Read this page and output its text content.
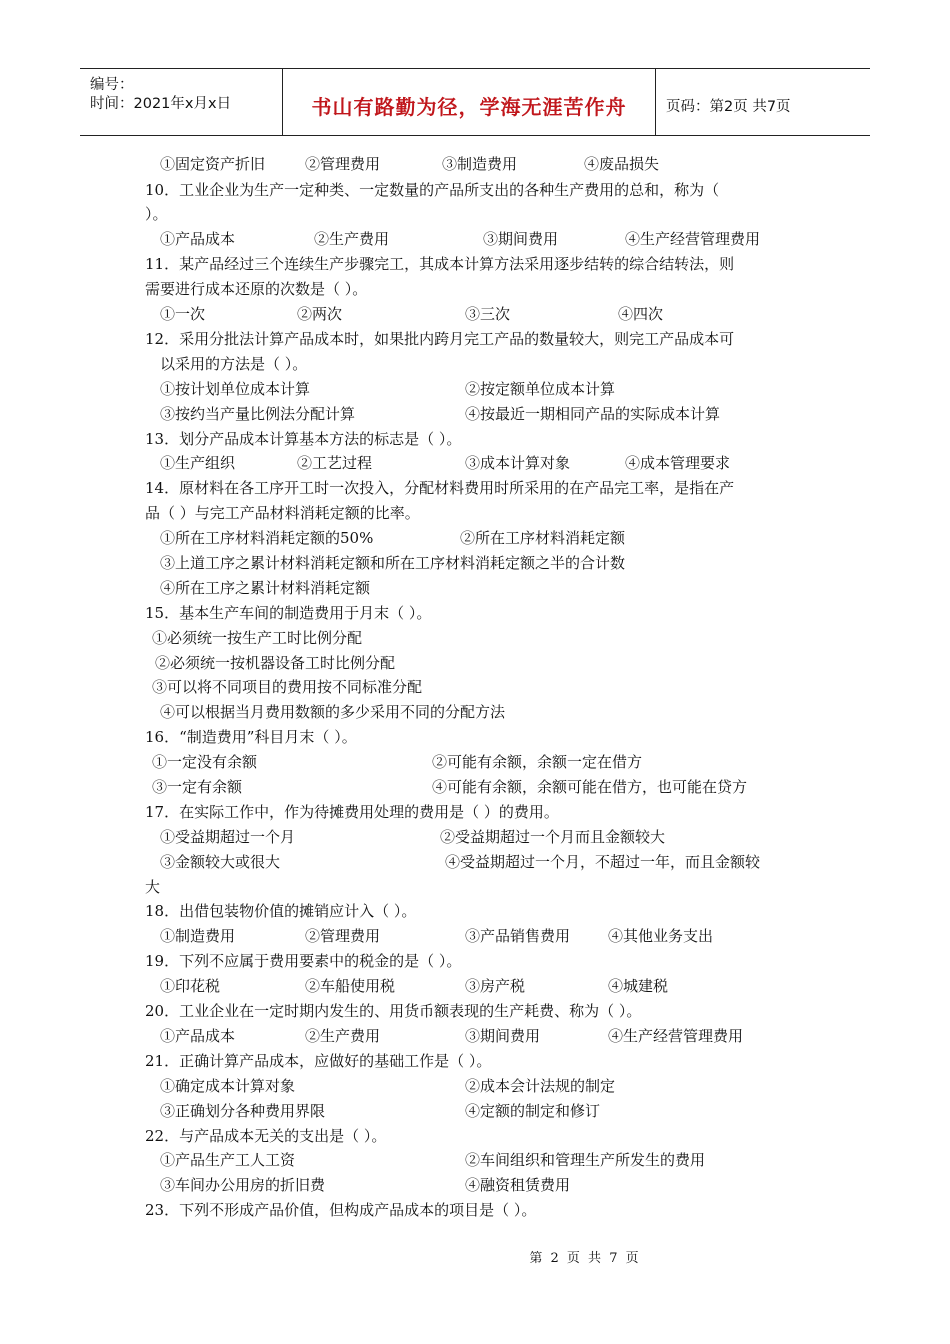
编号：
时间：2021年x月x日	书山有路勤为径，学海无涯苦作舟	页码：第2页 共7页
①固定资产折旧	②管理费用	③制造费用	④废品损失
10．工业企业为生产一定种类、一定数量的产品所支出的各种生产费用的总和，称为（
）。
①产品成本	②生产费用	③期间费用	④生产经营管理费用
11．某产品经过三个连续生产步骤完工，其成本计算方法采用逐步结转的综合结转法，则
需要进行成本还原的次数是（ ）。
①一次	②两次	③三次	④四次
12．采用分批法计算产品成本时，如果批内跨月完工产品的数量较大，则完工产品成本可
以采用的方法是（ ）。
①按计划单位成本计算	②按定额单位成本计算
③按约当产量比例法分配计算	④按最近一期相同产品的实际成本计算
13．划分产品成本计算基本方法的标志是（ ）。
①生产组织	②工艺过程	③成本计算对象	④成本管理要求
14．原材料在各工序开工时一次投入，分配材料费用时所采用的在产品完工率，是指在产
品（ ）与完工产品材料消耗定额的比率。
①所在工序材料消耗定额的50%	②所在工序材料消耗定额
③上道工序之累计材料消耗定额和所在工序材料消耗定额之半的合计数
④所在工序之累计材料消耗定额
15．基本生产车间的制造费用于月末（ ）。
①必须统一按生产工时比例分配
②必须统一按机器设备工时比例分配
③可以将不同项目的费用按不同标准分配
④可以根据当月费用数额的多少采用不同的分配方法
16．“制造费用”科目月末（ ）。
①一定没有余额	②可能有余额，余额一定在借方
③一定有余额	④可能有余额，余额可能在借方，也可能在贷方
17．在实际工作中，作为待摊费用处理的费用是（ ）的费用。
①受益期超过一个月	②受益期超过一个月而且金额较大
③金额较大或很大	④受益期超过一个月，不超过一年，而且金额较
大
18．出借包装物价值的摊销应计入（ ）。
①制造费用	②管理费用	③产品销售费用	④其他业务支出
19．下列不应属于费用要素中的税金的是（ ）。
①印花税	②车船使用税	③房产税	④城建税
20．工业企业在一定时期内发生的、用货币额表现的生产耗费、称为（ ）。
①产品成本	②生产费用	③期间费用	④生产经营管理费用
21．正确计算产品成本，应做好的基础工作是（ ）。
①确定成本计算对象	②成本会计法规的制定
③正确划分各种费用界限	④定额的制定和修订
22．与产品成本无关的支出是（ ）。
①产品生产工人工资	②车间组织和管理生产所发生的费用
③车间办公用房的折旧费	④融资租赁费用
23．下列不形成产品价值，但构成产品成本的项目是（ ）。
第 2 页 共 7 页
